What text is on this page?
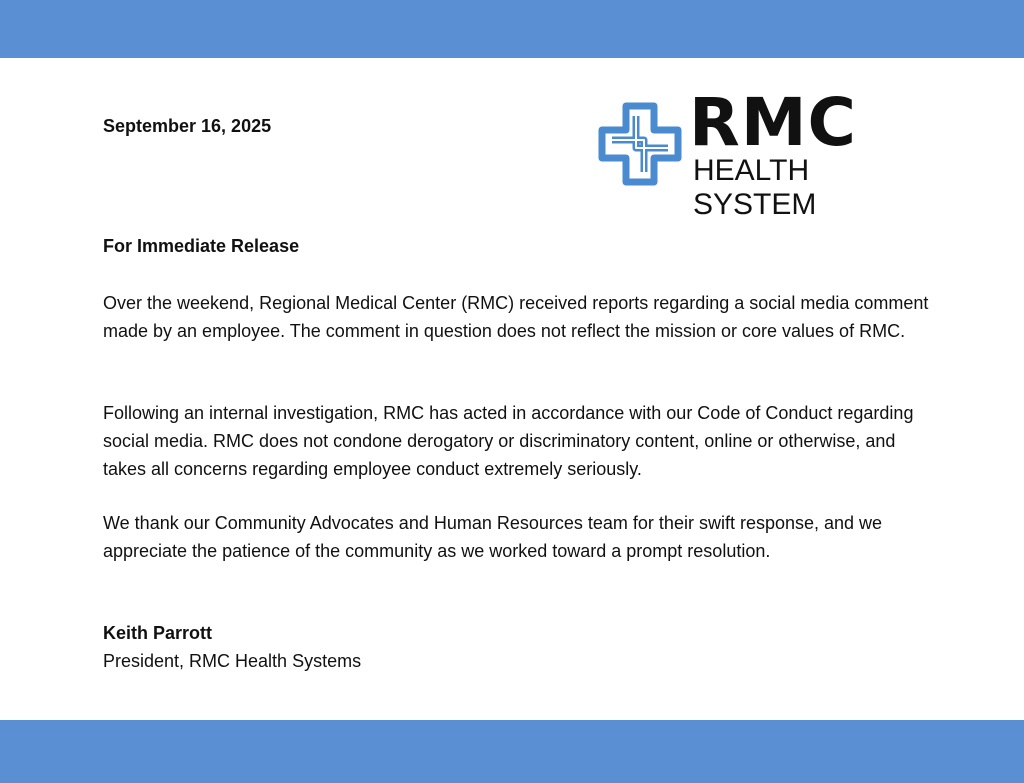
September 16, 2025	RMC
HEALTH SYSTEM
For Immediate Release

Over the weekend, Regional Medical Center (RMC) received reports regarding a social media comment made by an employee. The comment in question does not reflect the mission or core values of RMC.

Following an internal investigation, RMC has acted in accordance with our Code of Conduct regarding social media. RMC does not condone derogatory or discriminatory content, online or otherwise, and takes all concerns regarding employee conduct extremely seriously.

We thank our Community Advocates and Human Resources team for their swift response, and we appreciate the patience of the community as we worked toward a prompt resolution.

Keith Parrott
President, RMC Health Systems
